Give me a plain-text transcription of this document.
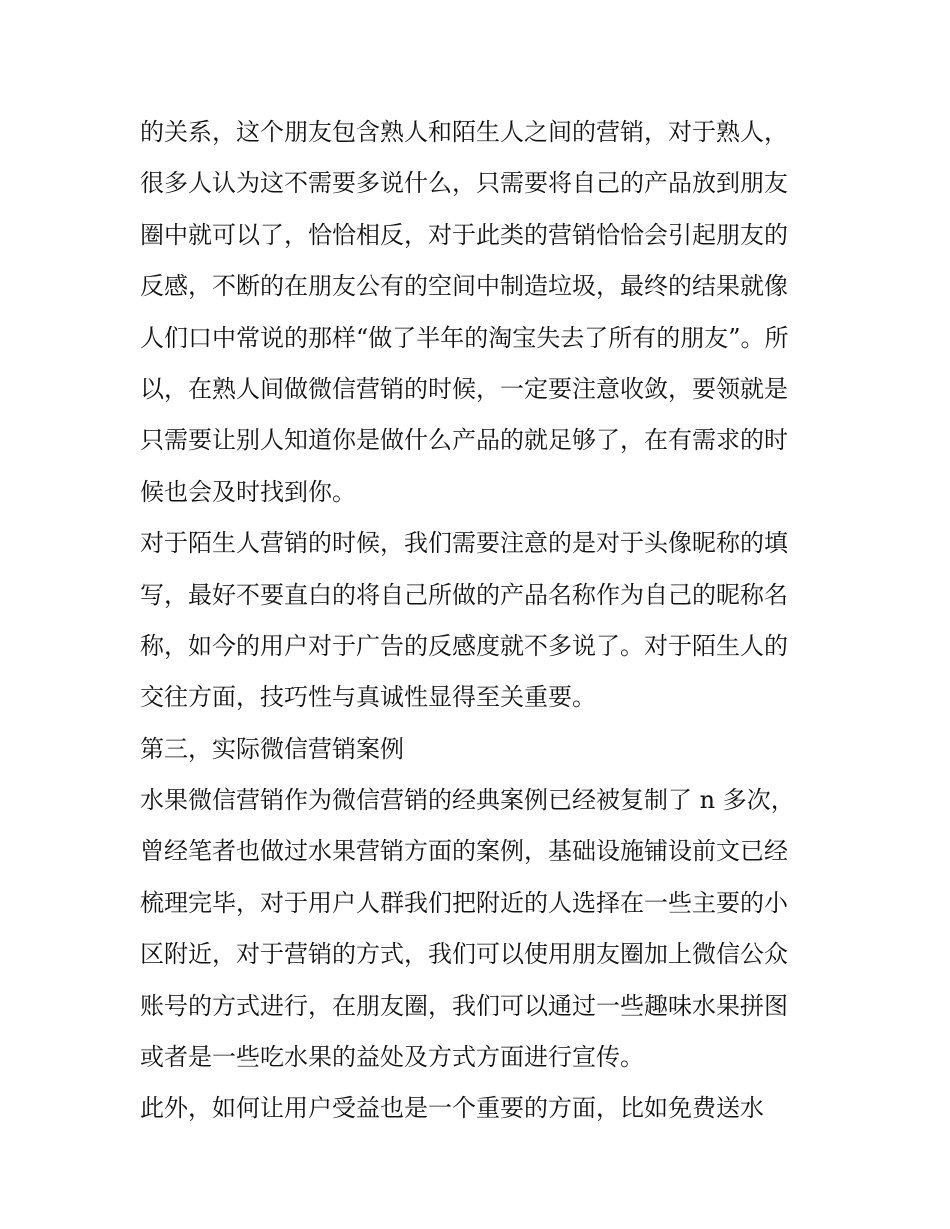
的关系，这个朋友包含熟人和陌生人之间的营销，对于熟人，
很多人认为这不需要多说什么，只需要将自己的产品放到朋友
圈中就可以了，恰恰相反，对于此类的营销恰恰会引起朋友的
反感，不断的在朋友公有的空间中制造垃圾，最终的结果就像
人们口中常说的那样“做了半年的淘宝失去了所有的朋友”。所
以，在熟人间做微信营销的时候，一定要注意收敛，要领就是
只需要让别人知道你是做什么产品的就足够了，在有需求的时
候也会及时找到你。
对于陌生人营销的时候，我们需要注意的是对于头像昵称的填
写，最好不要直白的将自己所做的产品名称作为自己的昵称名
称，如今的用户对于广告的反感度就不多说了。对于陌生人的
交往方面，技巧性与真诚性显得至关重要。
第三，实际微信营销案例
水果微信营销作为微信营销的经典案例已经被复制了 n 多次，
曾经笔者也做过水果营销方面的案例，基础设施铺设前文已经
梳理完毕，对于用户人群我们把附近的人选择在一些主要的小
区附近，对于营销的方式，我们可以使用朋友圈加上微信公众
账号的方式进行，在朋友圈，我们可以通过一些趣味水果拼图
或者是一些吃水果的益处及方式方面进行宣传。
此外，如何让用户受益也是一个重要的方面，比如免费送水
